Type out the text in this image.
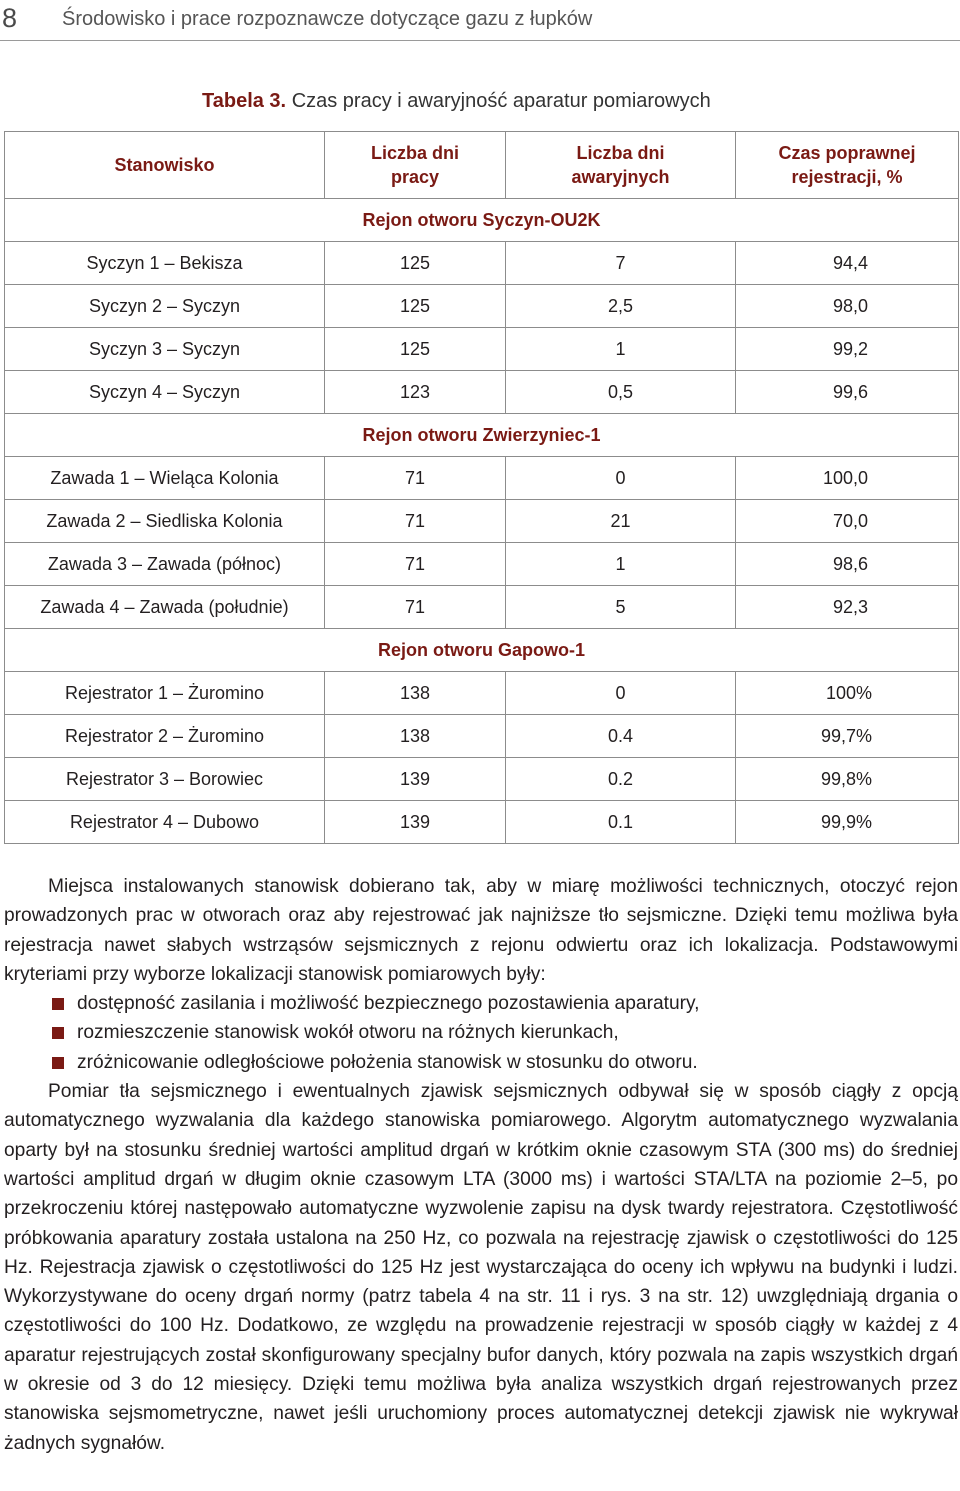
8 Środowisko i prace rozpoznawcze dotyczące gazu z łupków
Tabela 3. Czas pracy i awaryjność aparatur pomiarowych
Stanowisko	Liczba dni pracy	Liczba dni awaryjnych	Czas poprawnej rejestracji, %

Rejon otworu Syczyn-OU2K			
Syczyn 1 – Bekisza	125	7	94,4
Syczyn 2 – Syczyn	125	2,5	98,0
Syczyn 3 – Syczyn	125	1	99,2
Syczyn 4 – Syczyn	123	0,5	99,6
Rejon otworu Zwierzyniec-1			
Zawada 1 – Wieląca Kolonia	71	0	100,0
Zawada 2 – Siedliska Kolonia	71	21	70,0
Zawada 3 – Zawada (północ)	71	1	98,6
Zawada 4 – Zawada (południe)	71	5	92,3
Rejon otworu Gapowo-1			
Rejestrator 1 – Żuromino	138	0	100%
Rejestrator 2 – Żuromino	138	0.4	99,7%
Rejestrator 3 – Borowiec	139	0.2	99,8%
Rejestrator 4 – Dubowo	139	0.1	99,9%

Miejsca instalowanych stanowisk dobierano tak, aby w miarę możliwości technicznych, otoczyć rejon prowadzonych prac w otworach oraz aby rejestrować jak najniższe tło sejsmiczne. Dzięki temu możliwa była rejestracja nawet słabych wstrząsów sejsmicznych z rejonu odwiertu oraz ich lokalizacja. Podstawowymi kryteriami przy wyborze lokalizacji stanowisk pomiarowych były:

dostępność zasilania i możliwość bezpiecznego pozostawienia aparatury,
rozmieszczenie stanowisk wokół otworu na różnych kierunkach,
zróżnicowanie odległościowe położenia stanowisk w stosunku do otworu.

Pomiar tła sejsmicznego i ewentualnych zjawisk sejsmicznych odbywał się w sposób ciągły z opcją automatycznego wyzwalania dla każdego stanowiska pomiarowego. Algorytm automatycznego wyzwalania oparty był na stosunku średniej wartości amplitud drgań w krótkim oknie czasowym STA (300 ms) do średniej wartości amplitud drgań w długim oknie czasowym LTA (3000 ms) i wartości STA/LTA na poziomie 2–5, po przekroczeniu której następowało automatyczne wyzwolenie zapisu na dysk twardy rejestratora. Częstotliwość próbkowania aparatury została ustalona na 250 Hz, co pozwala na rejestrację zjawisk o częstotliwości do 125 Hz. Rejestracja zjawisk o częstotliwości do 125 Hz jest wystarczająca do oceny ich wpływu na budynki i ludzi. Wykorzystywane do oceny drgań normy (patrz tabela 4 na str. 11 i rys. 3 na str. 12) uwzględniają drgania o częstotliwości do 100 Hz. Dodatkowo, ze względu na prowadzenie rejestracji w sposób ciągły w każdej z 4 aparatur rejestrujących został skonfigurowany specjalny bufor danych, który pozwala na zapis wszystkich drgań w okresie od 3 do 12 miesięcy. Dzięki temu możliwa była analiza wszystkich drgań rejestrowanych przez stanowiska sejsmometryczne, nawet jeśli uruchomiony proces automatycznej detekcji zjawisk nie wykrywał żadnych sygnałów.
